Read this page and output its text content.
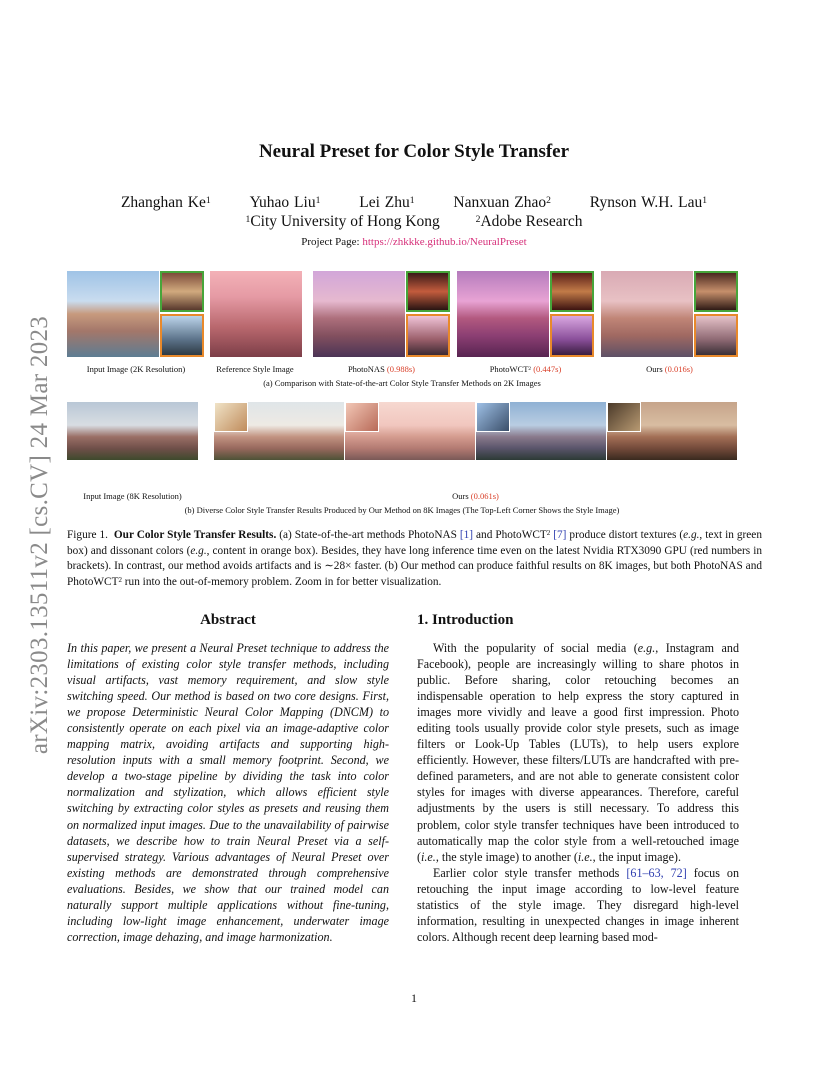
arXiv:2303.13511v2 [cs.CV] 24 Mar 2023
Neural Preset for Color Style Transfer
Zhanghan Ke$^1$	Yuhao Liu$^1$	Lei Zhu$^1$	Nanxuan Zhao$^2$	Rynson W.H. Lau$^1$
$^1$City University of Hong Kong	$^2$Adobe Research
Project Page: https://zhkkke.github.io/NeuralPreset
Input Image (2K Resolution)	Reference Style Image	PhotoNAS (0.988s)	PhotoWCT$^2$ (0.447s)	Ours (0.016s)
(a) Comparison with State-of-the-art Color Style Transfer Methods on 2K Images
Input Image (8K Resolution)	Ours (0.061s)
(b) Diverse Color Style Transfer Results Produced by Our Method on 8K Images (The Top-Left Corner Shows the Style Image)
Figure 1. Our Color Style Transfer Results. (a) State-of-the-art methods PhotoNAS [1] and PhotoWCT$^2$ [7] produce distort textures (e.g., text in green box) and dissonant colors (e.g., content in orange box). Besides, they have long inference time even on the latest Nvidia RTX3090 GPU (red numbers in brackets). In contrast, our method avoids artifacts and is ∼28× faster. (b) Our method can produce faithful results on 8K images, but both PhotoNAS and PhotoWCT$^2$ run into the out-of-memory problem. Zoom in for better visualization.
Abstract
In this paper, we present a Neural Preset technique to address the limitations of existing color style transfer methods, including visual artifacts, vast memory requirement, and slow style switching speed. Our method is based on two core designs. First, we propose Deterministic Neural Color Mapping (DNCM) to consistently operate on each pixel via an image-adaptive color mapping matrix, avoiding artifacts and supporting high-resolution inputs with a small memory footprint. Second, we develop a two-stage pipeline by dividing the task into color normalization and stylization, which allows efficient style switching by extracting color styles as presets and reusing them on normalized input images. Due to the unavailability of pairwise datasets, we describe how to train Neural Preset via a self-supervised strategy. Various advantages of Neural Preset over existing methods are demonstrated through comprehensive evaluations. Besides, we show that our trained model can naturally support multiple applications without fine-tuning, including low-light image enhancement, underwater image correction, image dehazing, and image harmonization.
1. Introduction

With the popularity of social media (e.g., Instagram and Facebook), people are increasingly willing to share photos in public. Before sharing, color retouching becomes an indispensable operation to help express the story captured in images more vividly and leave a good first impression. Photo editing tools usually provide color style presets, such as image filters or Look-Up Tables (LUTs), to help users explore efficiently. However, these filters/LUTs are handcrafted with pre-defined parameters, and are not able to generate consistent color styles for images with diverse appearances. Therefore, careful adjustments by the users is still necessary. To address this problem, color style transfer techniques have been introduced to automatically map the color style from a well-retouched image (i.e., the style image) to another (i.e., the input image).

Earlier color style transfer methods [61–63, 72] focus on retouching the input image according to low-level feature statistics of the style image. They disregard high-level information, resulting in unexpected changes in image inherent colors. Although recent deep learning based mod-

1
